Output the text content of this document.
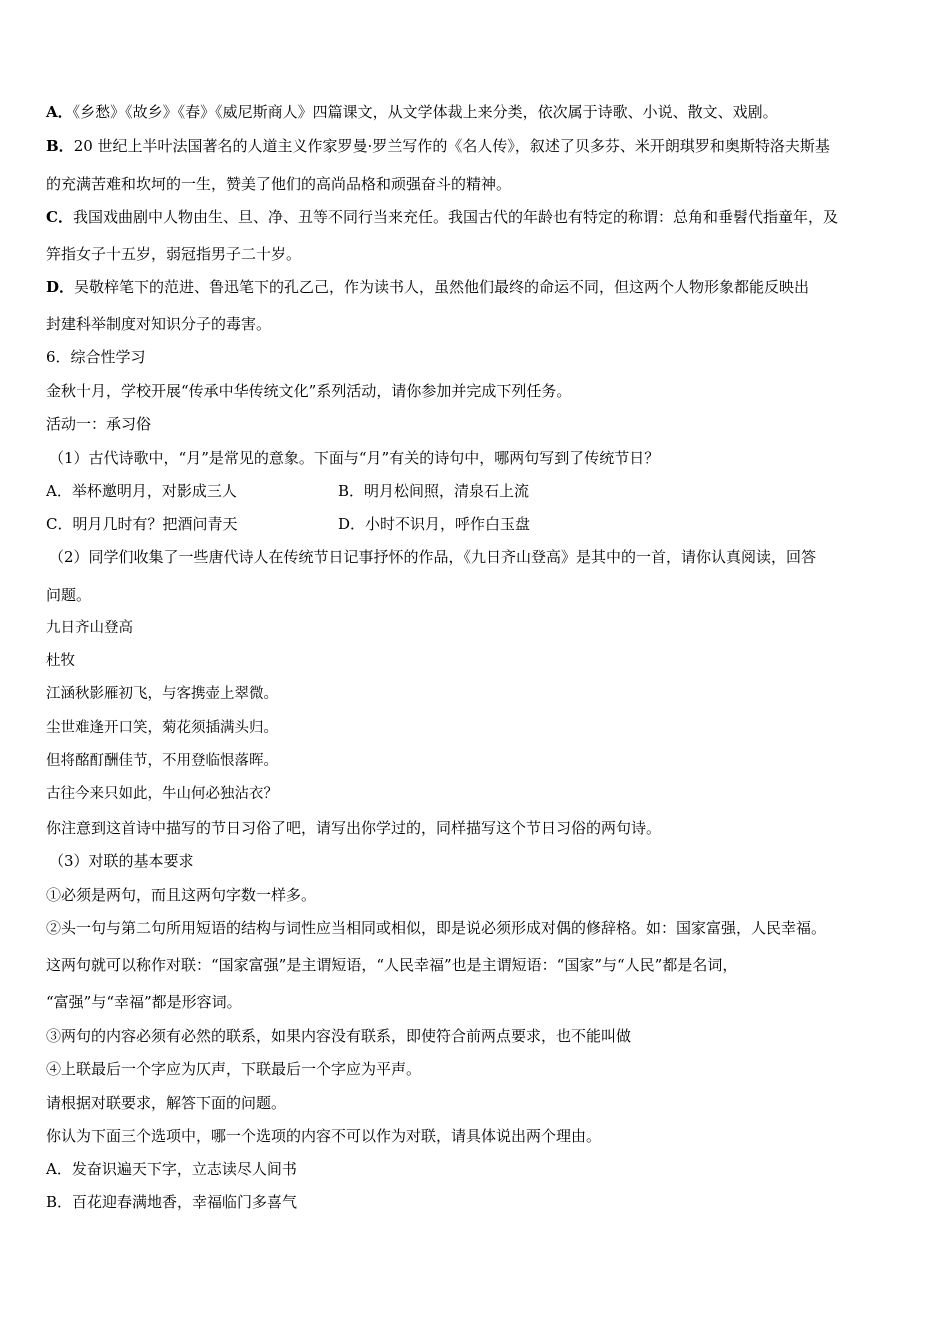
A．《乡愁》《故乡》《春》《威尼斯商人》四篇课文，从文学体裁上来分类，依次属于诗歌、小说、散文、戏剧。
B．20 世纪上半叶法国著名的人道主义作家罗曼·罗兰写作的《名人传》，叙述了贝多芬、米开朗琪罗和奥斯特洛夫斯基
的充满苦难和坎坷的一生，赞美了他们的高尚品格和顽强奋斗的精神。
C．我国戏曲剧中人物由生、旦、净、丑等不同行当来充任。我国古代的年龄也有特定的称谓：总角和垂髫代指童年，及
笄指女子十五岁，弱冠指男子二十岁。
D．吴敬梓笔下的范进、鲁迅笔下的孔乙己，作为读书人，虽然他们最终的命运不同，但这两个人物形象都能反映出
封建科举制度对知识分子的毒害。
6．综合性学习
金秋十月，学校开展“传承中华传统文化”系列活动，请你参加并完成下列任务。
活动一：承习俗
（1）古代诗歌中，“月”是常见的意象。下面与“月”有关的诗句中，哪两句写到了传统节日？
A．举杯邀明月，对影成三人	B．明月松间照，清泉石上流
C．明月几时有？把酒问青天	D．小时不识月，呼作白玉盘
（2）同学们收集了一些唐代诗人在传统节日记事抒怀的作品，《九日齐山登高》是其中的一首，请你认真阅读，回答
问题。
九日齐山登高
杜牧
江涵秋影雁初飞，与客携壶上翠微。
尘世难逢开口笑，菊花须插满头归。
但将酩酊酬佳节，不用登临恨落晖。
古往今来只如此，牛山何必独沾衣？
你注意到这首诗中描写的节日习俗了吧，请写出你学过的，同样描写这个节日习俗的两句诗。
（3）对联的基本要求
①必须是两句，而且这两句字数一样多。
②头一句与第二句所用短语的结构与词性应当相同或相似，即是说必须形成对偶的修辞格。如：国家富强，人民幸福。
这两句就可以称作对联：“国家富强”是主谓短语，“人民幸福”也是主谓短语：“国家”与“人民”都是名词，
“富强”与“幸福”都是形容词。
③两句的内容必须有必然的联系，如果内容没有联系，即使符合前两点要求，也不能叫做
④上联最后一个字应为仄声，下联最后一个字应为平声。
请根据对联要求，解答下面的问题。
你认为下面三个选项中，哪一个选项的内容不可以作为对联，请具体说出两个理由。
A．发奋识遍天下字，立志读尽人间书
B．百花迎春满地香，幸福临门多喜气
